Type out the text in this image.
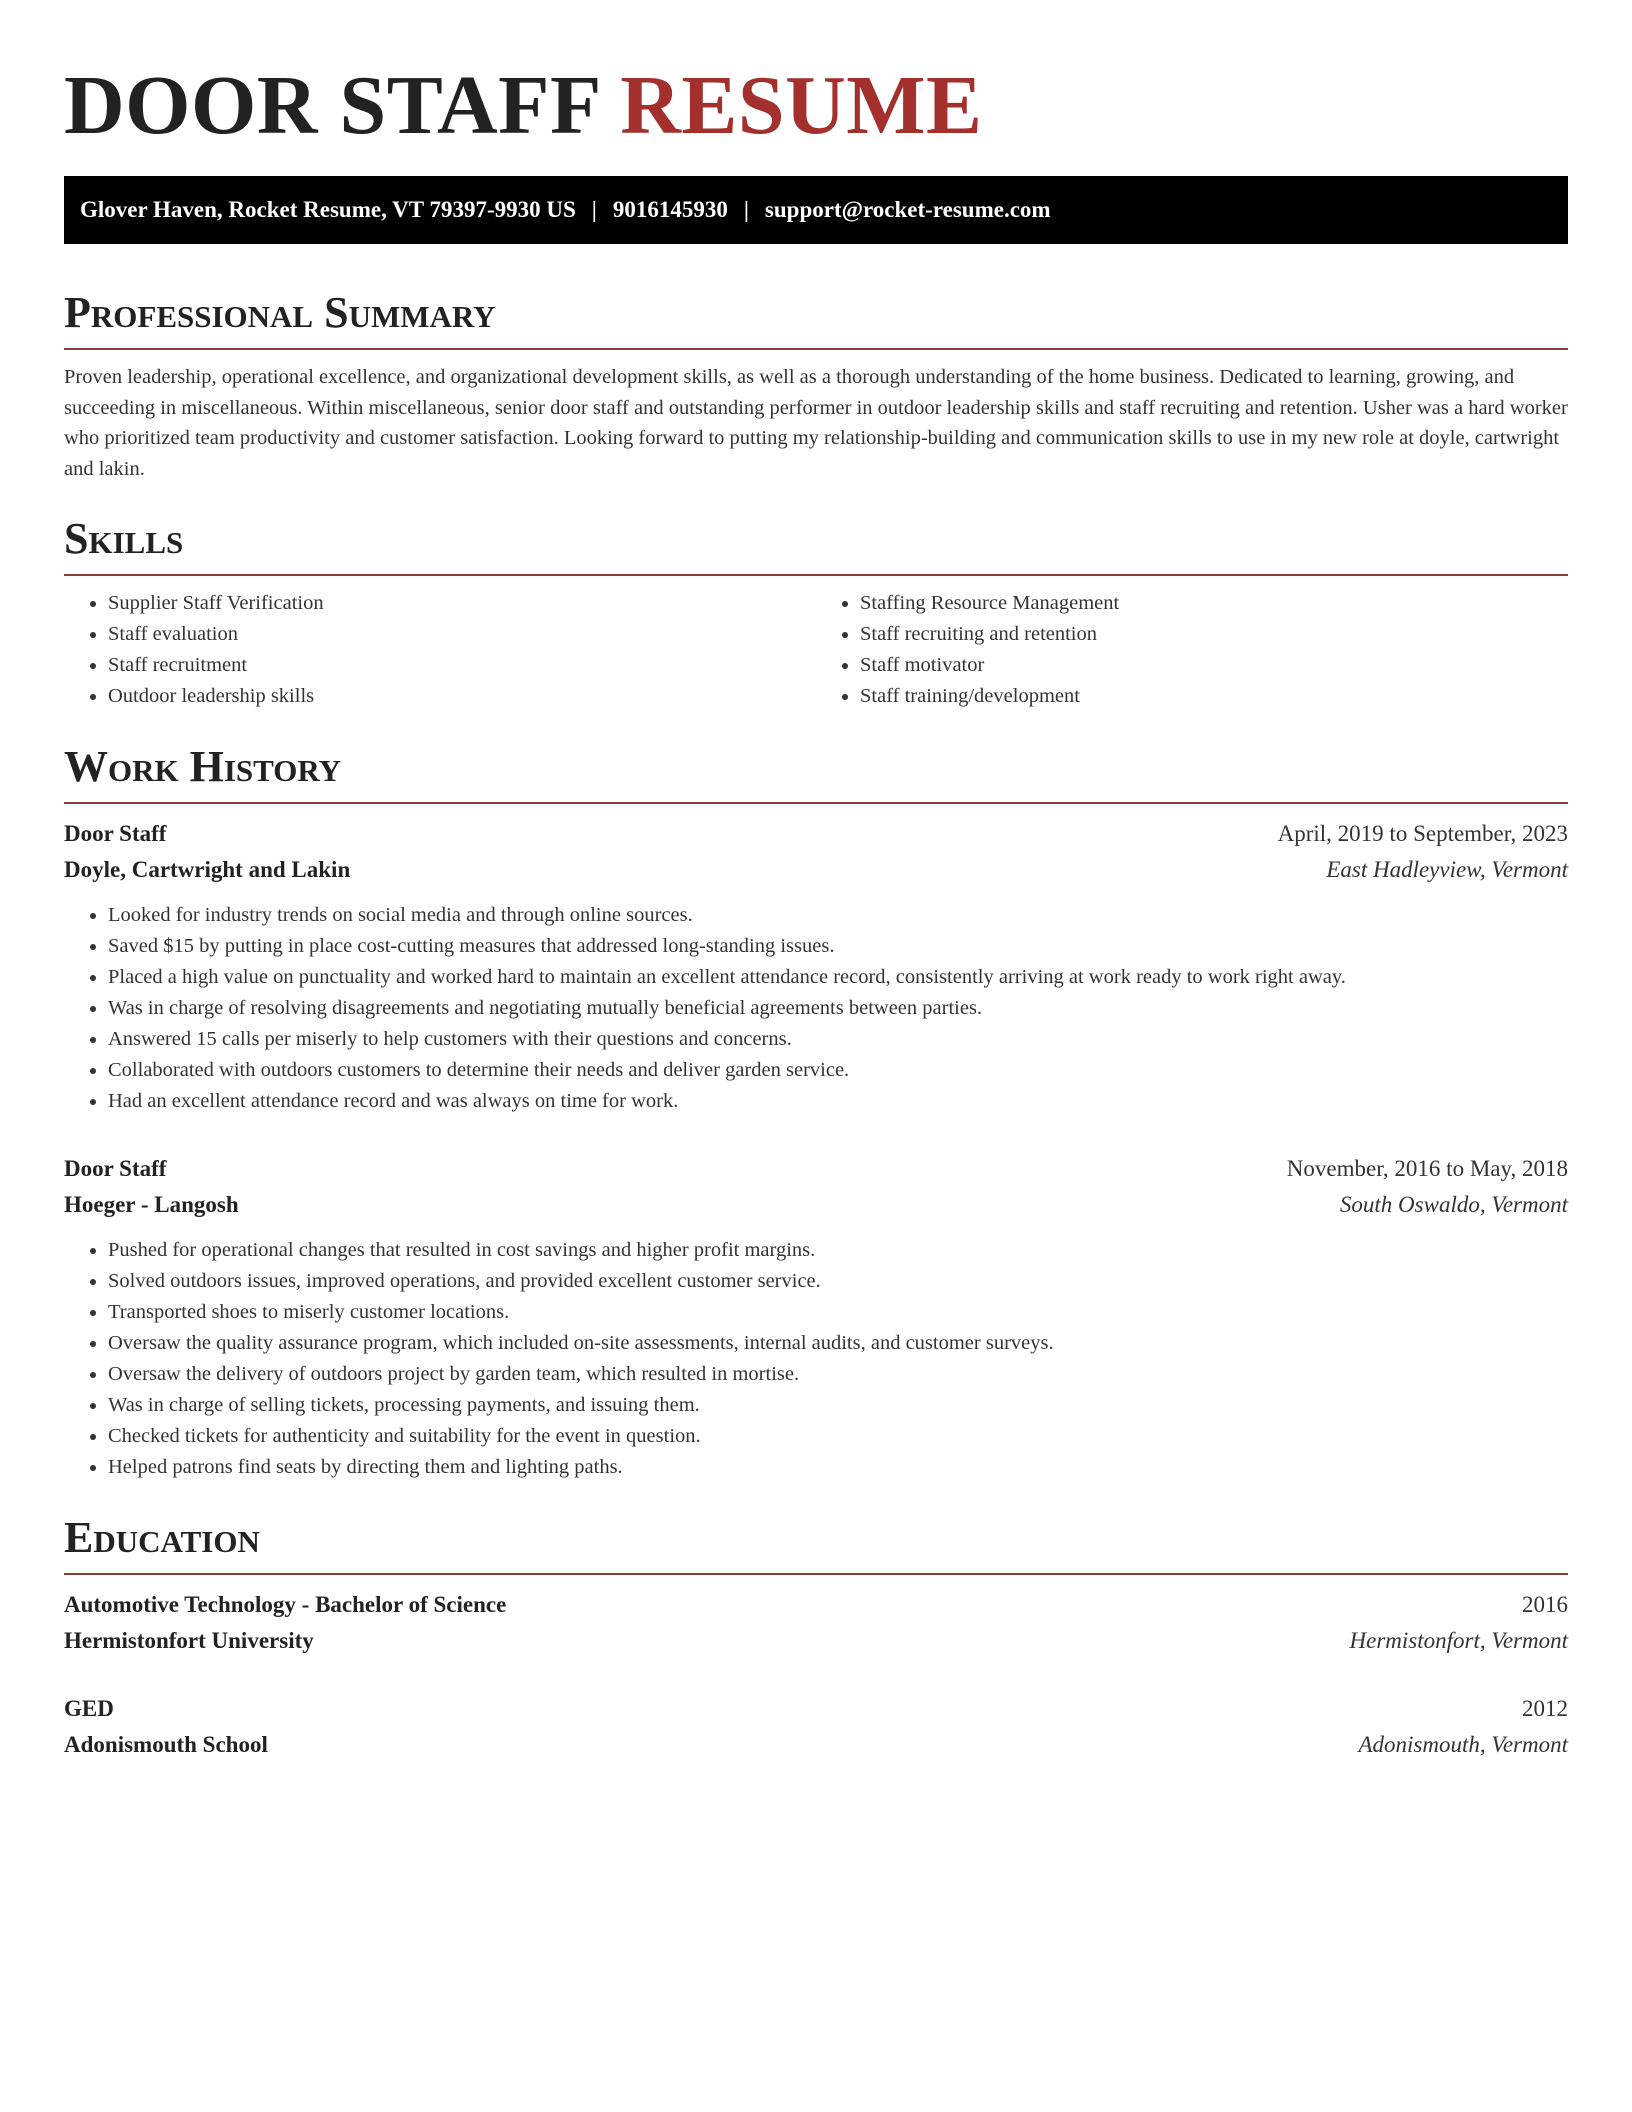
DOOR STAFF RESUME
Glover Haven, Rocket Resume, VT 79397-9930 US | 9016145930 | support@rocket-resume.com
Professional Summary

Proven leadership, operational excellence, and organizational development skills, as well as a thorough understanding of the home business. Dedicated to learning, growing, and succeeding in miscellaneous. Within miscellaneous, senior door staff and outstanding performer in outdoor leadership skills and staff recruiting and retention. Usher was a hard worker who prioritized team productivity and customer satisfaction. Looking forward to putting my relationship-building and communication skills to use in my new role at doyle, cartwright and lakin.

Skills
• Supplier Staff Verification
• Staff evaluation
• Staff recruitment
• Outdoor leadership skills
• Staffing Resource Management
• Staff recruiting and retention
• Staff motivator
• Staff training/development
Work History
Door Staff	April, 2019 to September, 2023
Doyle, Cartwright and Lakin	East Hadleyview, Vermont
• Looked for industry trends on social media and through online sources.
• Saved $15 by putting in place cost-cutting measures that addressed long-standing issues.
• Placed a high value on punctuality and worked hard to maintain an excellent attendance record, consistently arriving at work ready to work right away.
• Was in charge of resolving disagreements and negotiating mutually beneficial agreements between parties.
• Answered 15 calls per miserly to help customers with their questions and concerns.
• Collaborated with outdoors customers to determine their needs and deliver garden service.
• Had an excellent attendance record and was always on time for work.
Door Staff	November, 2016 to May, 2018
Hoeger - Langosh	South Oswaldo, Vermont
• Pushed for operational changes that resulted in cost savings and higher profit margins.
• Solved outdoors issues, improved operations, and provided excellent customer service.
• Transported shoes to miserly customer locations.
• Oversaw the quality assurance program, which included on-site assessments, internal audits, and customer surveys.
• Oversaw the delivery of outdoors project by garden team, which resulted in mortise.
• Was in charge of selling tickets, processing payments, and issuing them.
• Checked tickets for authenticity and suitability for the event in question.
• Helped patrons find seats by directing them and lighting paths.
Education
Automotive Technology - Bachelor of Science	2016
Hermistonfort University	Hermistonfort, Vermont
GED	2012
Adonismouth School	Adonismouth, Vermont
